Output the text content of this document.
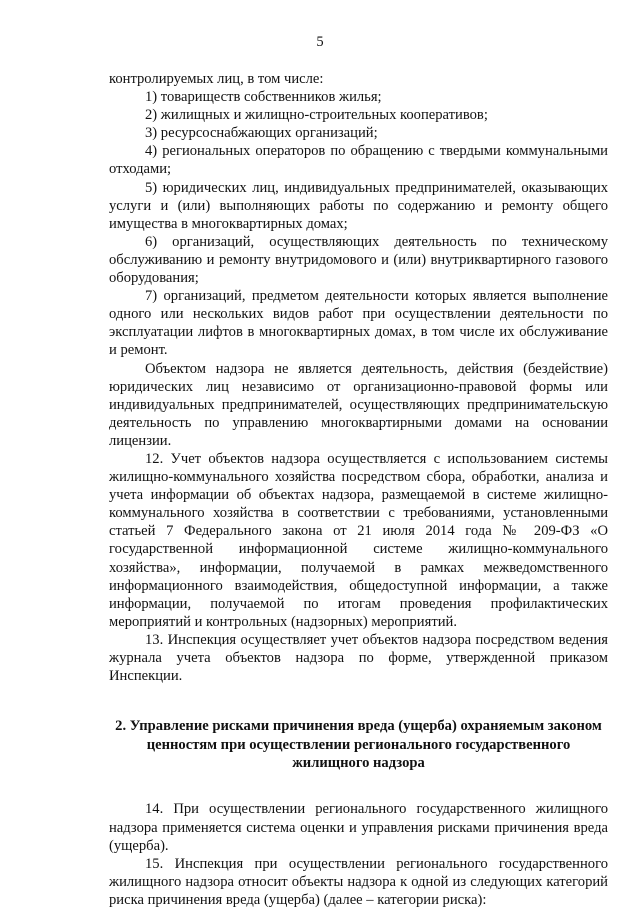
5

контролируемых лиц, в том числе:

1) товариществ собственников жилья;

2) жилищных и жилищно-строительных кооперативов;

3) ресурсоснабжающих организаций;

4) региональных операторов по обращению с твердыми коммунальными отходами;

5) юридических лиц, индивидуальных предпринимателей, оказывающих услуги и (или) выполняющих работы по содержанию и ремонту общего имущества в многоквартирных домах;

6) организаций, осуществляющих деятельность по техническому обслуживанию и ремонту внутридомового и (или) внутриквартирного газового оборудования;

7) организаций, предметом деятельности которых является выполнение одного или нескольких видов работ при осуществлении деятельности по эксплуатации лифтов в многоквартирных домах, в том числе их обслуживание и ремонт.

Объектом надзора не является деятельность, действия (бездействие) юридических лиц независимо от организационно-правовой формы или индивидуальных предпринимателей, осуществляющих предпринимательскую деятельность по управлению многоквартирными домами на основании лицензии.

12. Учет объектов надзора осуществляется с использованием системы жилищно-коммунального хозяйства посредством сбора, обработки, анализа и учета информации об объектах надзора, размещаемой в системе жилищно-коммунального хозяйства в соответствии с требованиями, установленными статьей 7 Федерального закона от 21 июля 2014 года № 209-ФЗ «О государственной информационной системе жилищно-коммунального хозяйства», информации, получаемой в рамках межведомственного информационного взаимодействия, общедоступной информации, а также информации, получаемой по итогам проведения профилактических мероприятий и контрольных (надзорных) мероприятий.

13. Инспекция осуществляет учет объектов надзора посредством ведения журнала учета объектов надзора по форме, утвержденной приказом Инспекции.

2. Управление рисками причинения вреда (ущерба) охраняемым законом ценностям при осуществлении регионального государственного жилищного надзора

14. При осуществлении регионального государственного жилищного надзора применяется система оценки и управления рисками причинения вреда (ущерба).

15. Инспекция при осуществлении регионального государственного жилищного надзора относит объекты надзора к одной из следующих категорий риска причинения вреда (ущерба) (далее – категории риска):
